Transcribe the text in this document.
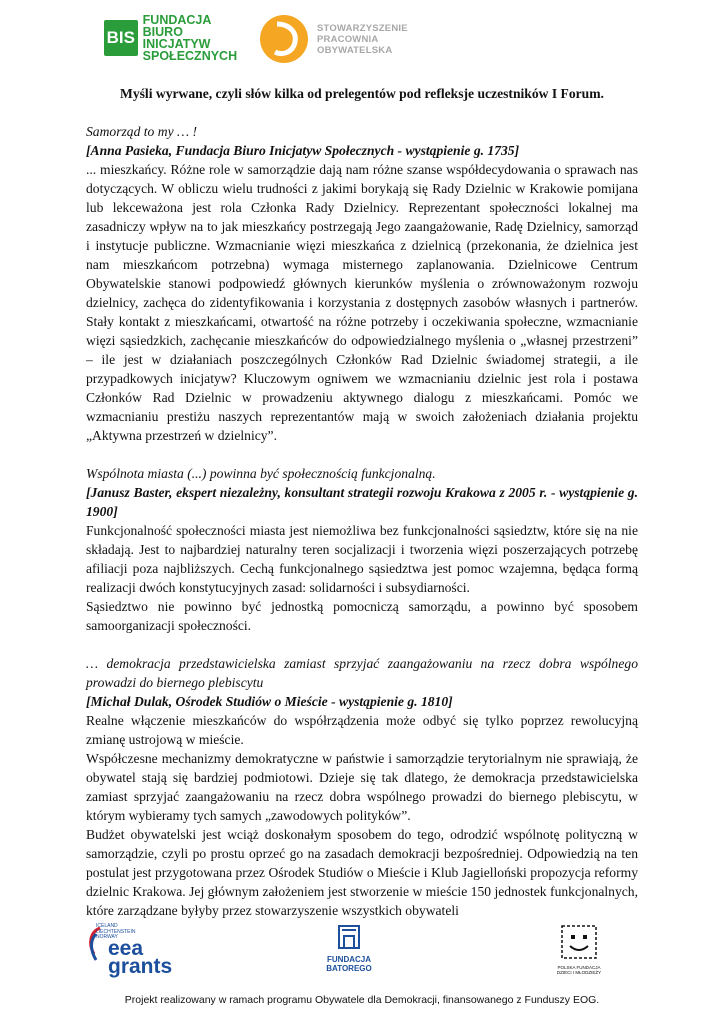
BIS
FUNDACJA
BIURO INICJATYW
SPOŁECZNYCH
STOWARZYSZENIE
PRACOWNIA
OBYWATELSKA

Myśli wyrwane, czyli słów kilka od prelegentów pod refleksje uczestników I Forum.

Samorząd to my … !

[Anna Pasieka, Fundacja Biuro Inicjatyw Społecznych - wystąpienie g. 1735]

... mieszkańcy. Różne role w samorządzie dają nam różne szanse współdecydowania o sprawach nas dotyczących. W obliczu wielu trudności z jakimi borykają się Rady Dzielnic w Krakowie pomijana lub lekceważona jest rola Członka Rady Dzielnicy. Reprezentant społeczności lokalnej ma zasadniczy wpływ na to jak mieszkańcy postrzegają Jego zaangażowanie, Radę Dzielnicy, samorząd i instytucje publiczne. Wzmacnianie więzi mieszkańca z dzielnicą (przekonania, że dzielnica jest nam mieszkańcom potrzebna) wymaga misternego zaplanowania. Dzielnicowe Centrum Obywatelskie stanowi podpowiedź głównych kierunków myślenia o zrównoważonym rozwoju dzielnicy, zachęca do zidentyfikowania i korzystania z dostępnych zasobów własnych i partnerów. Stały kontakt z mieszkańcami, otwartość na różne potrzeby i oczekiwania społeczne, wzmacnianie więzi sąsiedzkich, zachęcanie mieszkańców do odpowiedzialnego myślenia o „własnej przestrzeni” – ile jest w działaniach poszczególnych Członków Rad Dzielnic świadomej strategii, a ile przypadkowych inicjatyw? Kluczowym ogniwem we wzmacnianiu dzielnic jest rola i postawa Członków Rad Dzielnic w prowadzeniu aktywnego dialogu z mieszkańcami. Pomóc we wzmacnianiu prestiżu naszych reprezentantów mają w swoich założeniach działania projektu „Aktywna przestrzeń w dzielnicy”.

Wspólnota miasta (...) powinna być społecznością funkcjonalną.

[Janusz Baster, ekspert niezależny, konsultant strategii rozwoju Krakowa z 2005 r. - wystąpienie g. 1900]

Funkcjonalność społeczności miasta jest niemożliwa bez funkcjonalności sąsiedztw, które się na nie składają. Jest to najbardziej naturalny teren socjalizacji i tworzenia więzi poszerzających potrzebę afiliacji poza najbliższych. Cechą funkcjonalnego sąsiedztwa jest pomoc wzajemna, będąca formą realizacji dwóch konstytucyjnych zasad: solidarności i subsydiarności.

Sąsiedztwo nie powinno być jednostką pomocniczą samorządu, a powinno być sposobem samoorganizacji społeczności.

… demokracja przedstawicielska zamiast sprzyjać zaangażowaniu na rzecz dobra wspólnego prowadzi do biernego plebiscytu

[Michał Dulak, Ośrodek Studiów o Mieście - wystąpienie g. 1810]

Realne włączenie mieszkańców do współrządzenia może odbyć się tylko poprzez rewolucyjną zmianę ustrojową w mieście.

Współczesne mechanizmy demokratyczne w państwie i samorządzie terytorialnym nie sprawiają, że obywatel stają się bardziej podmiotowi. Dzieje się tak dlatego, że demokracja przedstawicielska zamiast sprzyjać zaangażowaniu na rzecz dobra wspólnego prowadzi do biernego plebiscytu, w którym wybieramy tych samych „zawodowych polityków”.

Budżet obywatelski jest wciąż doskonałym sposobem do tego, odrodzić wspólnotę polityczną w samorządzie, czyli po prostu oprzeć go na zasadach demokracji bezpośredniej. Odpowiedzią na ten postulat jest przygotowana przez Ośrodek Studiów o Mieście i Klub Jagielloński propozycja reformy dzielnic Krakowa. Jej głównym założeniem jest stworzenie w mieście 150 jednostek funkcjonalnych, które zarządzane byłyby przez stowarzyszenie wszystkich obywateli

ICELAND
LIECHTENSTEIN
NORWAY
eea
grants	FUNDACJA
BATOREGO	POLSKA FUNDACJA
DZIECI I MŁODZIEŻY
Projekt realizowany w ramach programu Obywatele dla Demokracji, finansowanego z Funduszy EOG.
